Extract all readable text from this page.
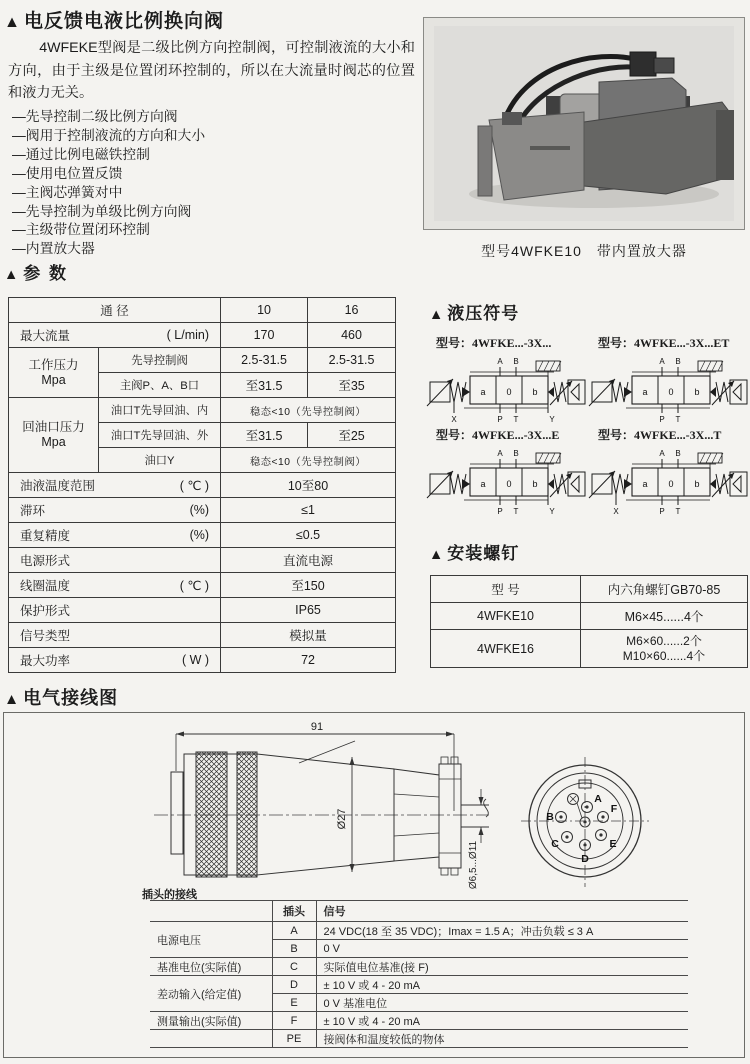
▲ 电反馈电液比例换向阀
4WFEKE型阀是二级比例方向控制阀，可控制液流的大小和方向，由于主级是位置闭环控制的，所以在大流量时阀芯的位置和液力无关。
—先导控制二级比例方向阀
—阀用于控制液流的方向和大小
—通过比例电磁铁控制
—使用电位置反馈
—主阀芯弹簧对中
—先导控制为单级比例方向阀
—主级带位置闭环控制
—内置放大器	型号4WFKE10　带内置放大器
▲ 参 数
通 径		10	16

最大流量 ( L/min)		170	460

工作压力
Mpa	先导控制阀	2.5-31.5	2.5-31.5
	主阀P、A、B口	至31.5	至35

回油口压力
Mpa	油口T先导回油、内	稳态<10（先导控制阀）	
	油口T先导回油、外	至31.5	至25
	油口Y	稳态<10（先导控制阀）	

油液温度范围 ( ℃ )		10至80	

滞环 (%)		≤1	

重复精度 (%)		≤0.5	

电源形式		直流电源	

线圈温度 ( ℃ )		至150	

保护形式		IP65	

信号类型		模拟量	

最大功率 ( W )		72	
▲ 液压符号
型号：4WFKE...-3X...
a 0 b
A B
P T	Y
X
型号：4WFKE...-3X...ET
a 0 b
A B
P T
型号：4WFKE...-3X...E
a 0 b
A B
P T	Y
型号：4WFKE...-3X...T
a 0 b
A B
P T
X
▲ 安装螺钉
型 号	内六角螺钉GB70-85
4WFKE10	M6×45......4个
4WFKE16	M6×60......2个
M10×60......4个
▲ 电气接线图
91
Ø27
Ø6,5...Ø11
A
F
B
C
D
E
插头的接线
	插头	信号
电源电压	A	24 VDC(18 至 35 VDC)；Imax = 1.5 A；冲击负载 ≤ 3 A
	B	0 V
基准电位(实际值)	C	实际值电位基准(接 F)
差动输入(给定值)	D	± 10 V 或 4 - 20 mA
	E	0 V 基准电位
测量输出(实际值)	F	± 10 V 或 4 - 20 mA
	PE	接阀体和温度较低的物体
